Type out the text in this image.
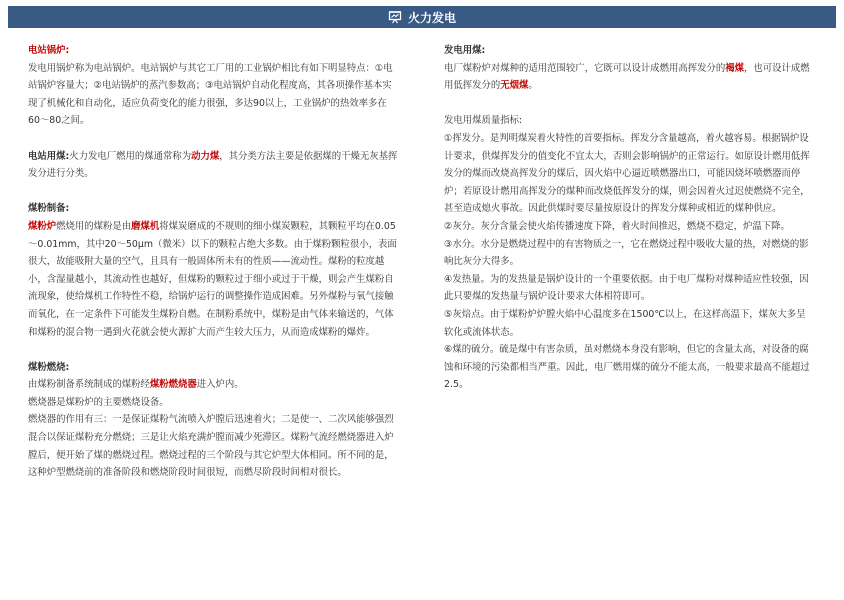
火力发电

电站锅炉:

发电用锅炉称为电站锅炉。电站锅炉与其它工厂用的工业锅炉相比有如下明显特点：①电站锅炉容量大；②电站锅炉的蒸汽参数高；③电站锅炉自动化程度高，其各项操作基本实现了机械化和自动化，适应负荷变化的能力很强，多达90以上，工业锅炉的热效率多在60～80之间。

电站用煤:火力发电厂燃用的煤通常称为动力煤，其分类方法主要是依据煤的干燥无灰基挥发分进行分类。

煤粉制备:

煤粉炉燃烧用的煤粉是由磨煤机将煤炭磨成的不规则的细小煤炭颗粒，其颗粒平均在0.05～0.01mm，其中20～50μm（微米）以下的颗粒占绝大多数。由于煤粉颗粒很小，表面很大，故能吸附大量的空气，且具有一般固体所未有的性质——流动性。煤粉的粒度越小，含湿量越小，其流动性也越好，但煤粉的颗粒过于细小或过于干燥，则会产生煤粉自流现象，使给煤机工作特性不稳，给锅炉运行的调整操作造成困难。另外煤粉与氧气接触而氧化，在一定条件下可能发生煤粉自燃。在制粉系统中，煤粉是由气体来输送的，气体和煤粉的混合物一遇到火花就会使火源扩大而产生较大压力，从而造成煤粉的爆炸。

煤粉燃烧:

由煤粉制备系统制成的煤粉经煤粉燃烧器进入炉内。

燃烧器是煤粉炉的主要燃烧设备。

燃烧器的作用有三：一是保证煤粉气流喷入炉膛后迅速着火；二是使一、二次风能够强烈混合以保证煤粉充分燃烧；三是让火焰充满炉膛而减少死滞区。煤粉气流经燃烧器进入炉膛后，便开始了煤的燃烧过程。燃烧过程的三个阶段与其它炉型大体相同。所不同的是，这种炉型燃烧前的准备阶段和燃烧阶段时间很短，而燃尽阶段时间相对很长。

发电用煤:

电厂煤粉炉对煤种的适用范围较广，它既可以设计成燃用高挥发分的褐煤，也可设计成燃用低挥发分的无烟煤。

发电用煤质量指标:

①挥发分。是判明煤炭着火特性的首要指标。挥发分含量越高，着火越容易。根据锅炉设计要求，供煤挥发分的值变化不宜太大，否则会影响锅炉的正常运行。如原设计燃用低挥发分的煤而改烧高挥发分的煤后，因火焰中心逼近喷燃器出口，可能因烧坏喷燃器而停炉；若原设计燃用高挥发分的煤种而改烧低挥发分的煤，则会因着火过迟使燃烧不完全，甚至造成熄火事故。因此供煤时要尽量按原设计的挥发分煤种或相近的煤种供应。

②灰分。灰分含量会使火焰传播速度下降，着火时间推迟，燃烧不稳定，炉温下降。

③水分。水分是燃烧过程中的有害物质之一，它在燃烧过程中吸收大量的热，对燃烧的影响比灰分大得多。

④发热量。为的发热量是锅炉设计的一个重要依据。由于电厂煤粉对煤种适应性较强，因此只要煤的发热量与锅炉设计要求大体相符即可。

⑤灰焙点。由于煤粉炉炉膛火焰中心温度多在1500℃以上，在这样高温下，煤灰大多呈软化或流体状态。

⑥煤的硫分。硫是煤中有害杂质，虽对燃烧本身没有影响，但它的含量太高，对设备的腐蚀和环境的污染都相当严重。因此，电厂燃用煤的硫分不能太高，一般要求最高不能超过2.5。
